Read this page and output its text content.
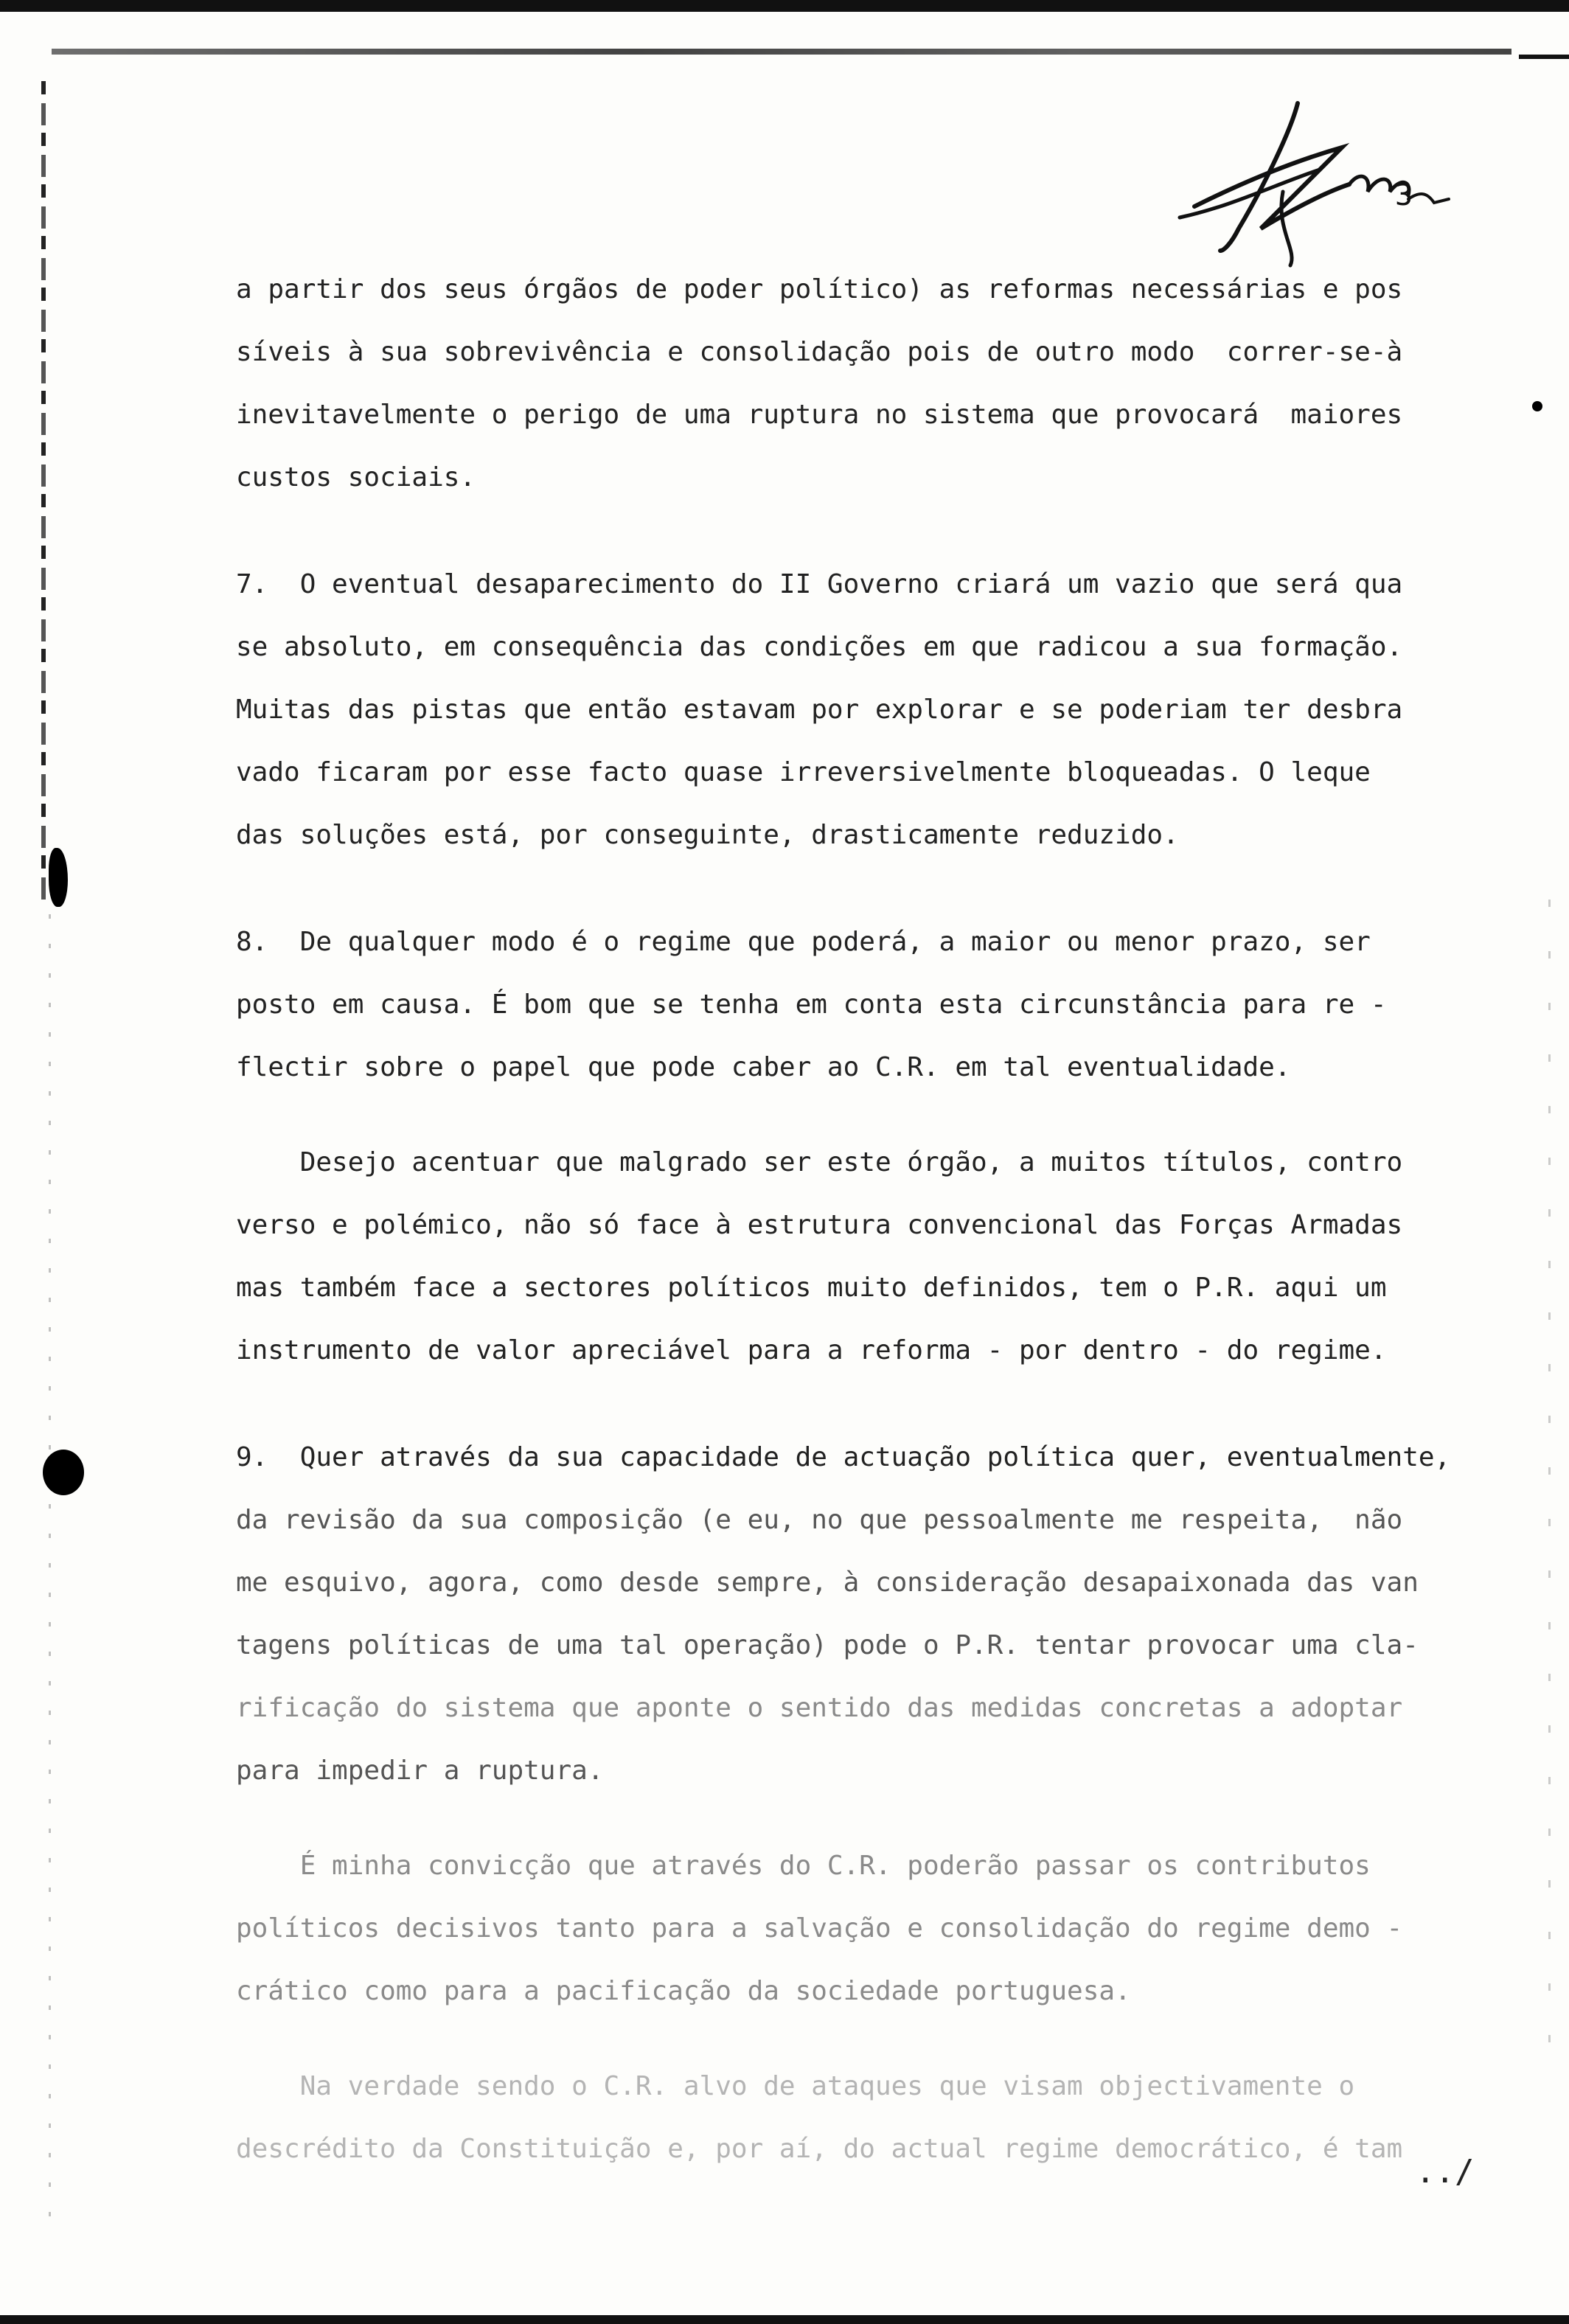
3
a partir dos seus órgãos de poder político) as reformas necessárias e pos
síveis à sua sobrevivência e consolidação pois de outro modo  correr-se-à
inevitavelmente o perigo de uma ruptura no sistema que provocará  maiores
custos sociais.
7.  O eventual desaparecimento do II Governo criará um vazio que será qua
se absoluto, em consequência das condições em que radicou a sua formação.
Muitas das pistas que então estavam por explorar e se poderiam ter desbra
vado ficaram por esse facto quase irreversivelmente bloqueadas. O leque
das soluções está, por conseguinte, drasticamente reduzido.
8.  De qualquer modo é o regime que poderá, a maior ou menor prazo, ser
posto em causa. É bom que se tenha em conta esta circunstância para re -
flectir sobre o papel que pode caber ao C.R. em tal eventualidade.
Desejo acentuar que malgrado ser este órgão, a muitos títulos, contro
verso e polémico, não só face à estrutura convencional das Forças Armadas
mas também face a sectores políticos muito definidos, tem o P.R. aqui um
instrumento de valor apreciável para a reforma - por dentro - do regime.
9.  Quer através da sua capacidade de actuação política quer, eventualmente,
da revisão da sua composição (e eu, no que pessoalmente me respeita,  não
me esquivo, agora, como desde sempre, à consideração desapaixonada das van
tagens políticas de uma tal operação) pode o P.R. tentar provocar uma cla-
rificação do sistema que aponte o sentido das medidas concretas a adoptar
para impedir a ruptura.
É minha convicção que através do C.R. poderão passar os contributos
políticos decisivos tanto para a salvação e consolidação do regime demo -
crático como para a pacificação da sociedade portuguesa.
Na verdade sendo o C.R. alvo de ataques que visam objectivamente o
descrédito da Constituição e, por aí, do actual regime democrático, é tam
../
